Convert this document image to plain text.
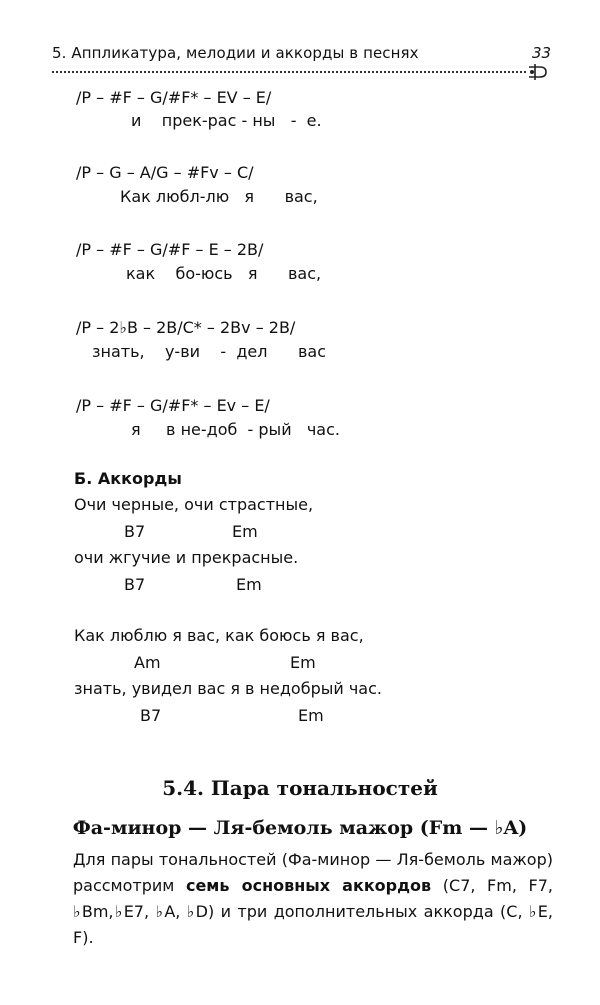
5. Аппликатура, мелодии и аккорды в песнях	33
/P – #F – G/#F* – EV – E/
и    прек-рас - ны   -  е.
/P – G – A/G – #Fv – C/
Как любл-лю   я      вас,
/P – #F – G/#F – E – 2B/
как    бо-юсь   я      вас,
/P – 2♭B – 2B/C* – 2Bv – 2B/
знать,    у-ви    -  дел      вас
/P – #F – G/#F* – Ev – E/
я     в не-доб  - рый   час.
Б. Аккорды
Очи черные, очи страстные,
B7	Em
очи жгучие и прекрасные.
B7	Em
Как люблю я вас, как боюсь я вас,
Am	Em
знать, увидел вас я в недобрый час.
B7	Em
5.4. Пара тональностей
Фа-минор — Ля-бемоль мажор (Fm — ♭A)
Для пары тональностей (Фа-минор — Ля-бемоль мажор) рассмотрим семь основных аккордов (C7, Fm, F7, ♭Bm,♭E7, ♭A, ♭D) и три дополнительных аккорда (C, ♭E, F).
